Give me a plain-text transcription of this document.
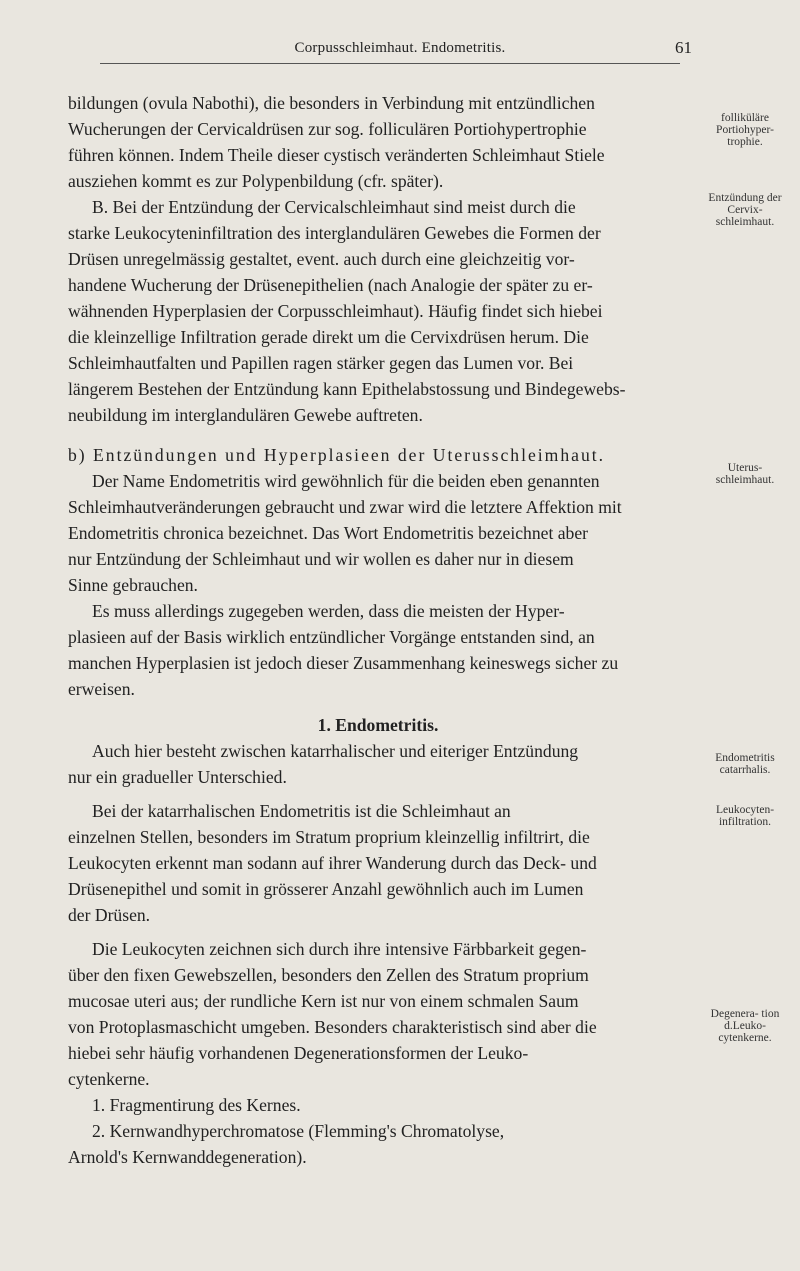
Corpusschleimhaut. Endometritis.	61
bildungen (ovula Nabothi), die besonders in Verbindung mit entzündlichen
Wucherungen der Cervicaldrüsen zur sog. folliculären Portiohypertrophie
führen können. Indem Theile dieser cystisch veränderten Schleimhaut Stiele
ausziehen kommt es zur Polypenbildung (cfr. später).
B. Bei der Entzündung der Cervicalschleimhaut sind meist durch die
starke Leukocyteninfiltration des interglandulären Gewebes die Formen der
Drüsen unregelmässig gestaltet, event. auch durch eine gleichzeitig vor-
handene Wucherung der Drüsenepithelien (nach Analogie der später zu er-
wähnenden Hyperplasien der Corpusschleimhaut). Häufig findet sich hiebei
die kleinzellige Infiltration gerade direkt um die Cervixdrüsen herum. Die
Schleimhautfalten und Papillen ragen stärker gegen das Lumen vor. Bei
längerem Bestehen der Entzündung kann Epithelabstossung und Bindegewebs-
neubildung im interglandulären Gewebe auftreten.
b) Entzündungen und Hyperplasieen der Uterusschleimhaut.
Der Name Endometritis wird gewöhnlich für die beiden eben genannten
Schleimhautveränderungen gebraucht und zwar wird die letztere Affektion mit
Endometritis chronica bezeichnet. Das Wort Endometritis bezeichnet aber
nur Entzündung der Schleimhaut und wir wollen es daher nur in diesem
Sinne gebrauchen.
Es muss allerdings zugegeben werden, dass die meisten der Hyper-
plasieen auf der Basis wirklich entzündlicher Vorgänge entstanden sind, an
manchen Hyperplasien ist jedoch dieser Zusammenhang keineswegs sicher zu
erweisen.
1. Endometritis.
Auch hier besteht zwischen katarrhalischer und eiteriger Entzündung
nur ein gradueller Unterschied.
Bei der katarrhalischen Endometritis ist die Schleimhaut an
einzelnen Stellen, besonders im Stratum proprium kleinzellig infiltrirt, die
Leukocyten erkennt man sodann auf ihrer Wanderung durch das Deck- und
Drüsenepithel und somit in grösserer Anzahl gewöhnlich auch im Lumen
der Drüsen.
Die Leukocyten zeichnen sich durch ihre intensive Färbbarkeit gegen-
über den fixen Gewebszellen, besonders den Zellen des Stratum proprium
mucosae uteri aus; der rundliche Kern ist nur von einem schmalen Saum
von Protoplasmaschicht umgeben. Besonders charakteristisch sind aber die
hiebei sehr häufig vorhandenen Degenerationsformen der Leuko-
cytenkerne.
1. Fragmentirung des Kernes.
2. Kernwandhyperchromatose (Flemming's Chromatolyse,
Arnold's Kernwanddegeneration).
folliküläre Portiohyper- trophie.
Entzündung der Cervix- schleimhaut.
Uterus- schleimhaut.
Endometritis catarrhalis.
Leukocyten- infiltration.
Degenera- tion d.Leuko- cytenkerne.
